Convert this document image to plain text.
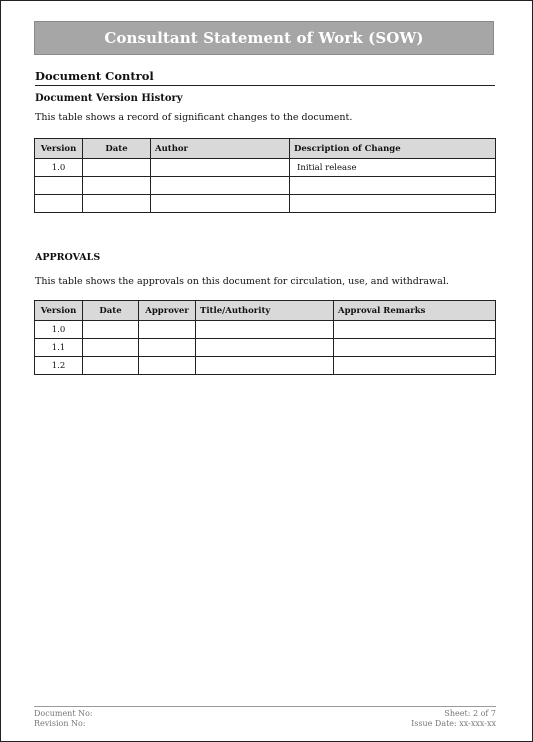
Consultant Statement of Work (SOW)
Document Control
Document Version History
This table shows a record of significant changes to the document.
Version	Date	Author	Description of Change
1.0			Initial release

APPROVALS
This table shows the approvals on this document for circulation, use, and withdrawal.
Version	Date	Approver	Title/Authority	Approval Remarks
1.0				
1.1				
1.2				
Document No:	Sheet: 2 of 7
Revision No:	Issue Date: xx-xxx-xx
